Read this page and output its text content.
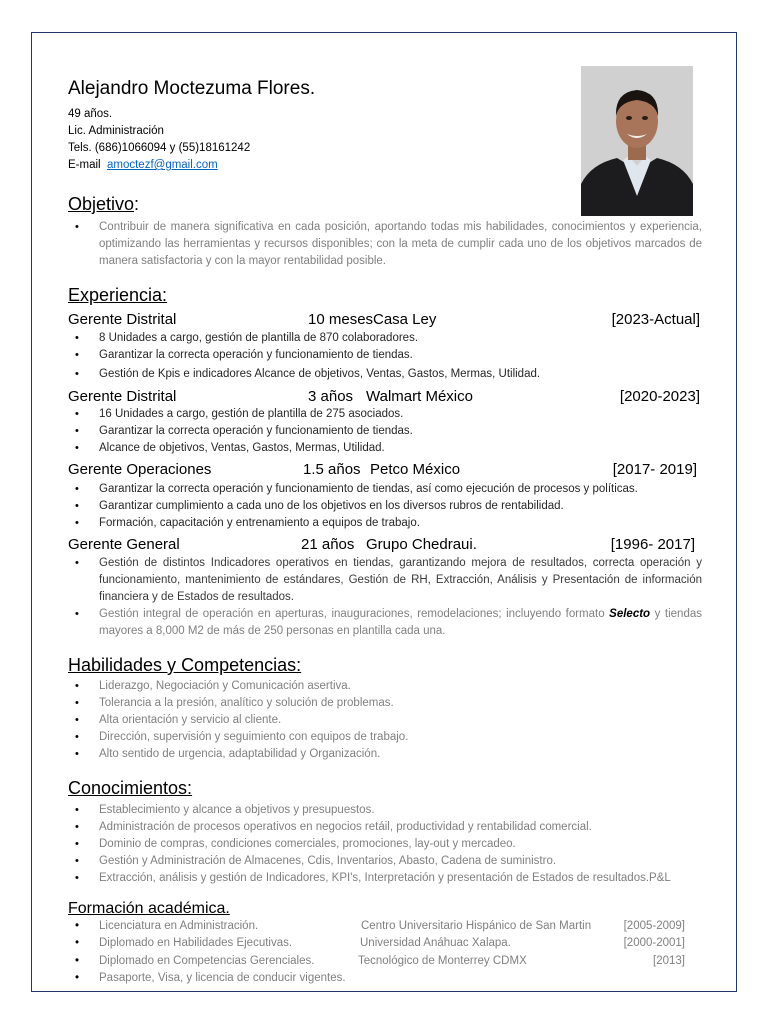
Alejandro Moctezuma Flores.
49 años.
Lic. Administración
Tels. (686)1066094 y (55)18161242
E-mail amoctezf@gmail.com
Objetivo:
• Contribuir de manera significativa en cada posición, aportando todas mis habilidades, conocimientos y experiencia, optimizando las herramientas y recursos disponibles; con la meta de cumplir cada uno de los objetivos marcados de manera satisfactoria y con la mayor rentabilidad posible.
Experiencia:
Gerente Distrital	10 meses Casa Ley	[2023-Actual]
• 8 Unidades a cargo, gestión de plantilla de 870 colaboradores.
• Garantizar la correcta operación y funcionamiento de tiendas.
• Gestión de Kpis e indicadores Alcance de objetivos, Ventas, Gastos, Mermas, Utilidad.
Gerente Distrital	3 años Walmart México	[2020-2023]
• 16 Unidades a cargo, gestión de plantilla de 275 asociados.
• Garantizar la correcta operación y funcionamiento de tiendas.
• Alcance de objetivos, Ventas, Gastos, Mermas, Utilidad.
Gerente Operaciones	1.5 años Petco México	[2017- 2019]
• Garantizar la correcta operación y funcionamiento de tiendas, así como ejecución de procesos y políticas.
• Garantizar cumplimiento a cada uno de los objetivos en los diversos rubros de rentabilidad.
• Formación, capacitación y entrenamiento a equipos de trabajo.
Gerente General	21 años Grupo Chedraui.	[1996- 2017]
• Gestión de distintos Indicadores operativos en tiendas, garantizando mejora de resultados, correcta operación y funcionamiento, mantenimiento de estándares, Gestión de RH, Extracción, Análisis y Presentación de información financiera y de Estados de resultados.
• Gestión integral de operación en aperturas, inauguraciones, remodelaciones; incluyendo formato Selecto y tiendas mayores a 8,000 M2 de más de 250 personas en plantilla cada una.
Habilidades y Competencias:
• Liderazgo, Negociación y Comunicación asertiva.
• Tolerancia a la presión, analítico y solución de problemas.
• Alta orientación y servicio al cliente.
• Dirección, supervisión y seguimiento con equipos de trabajo.
• Alto sentido de urgencia, adaptabilidad y Organización.
Conocimientos:
• Establecimiento y alcance a objetivos y presupuestos.
• Administración de procesos operativos en negocios retáil, productividad y rentabilidad comercial.
• Dominio de compras, condiciones comerciales, promociones, lay-out y mercadeo.
• Gestión y Administración de Almacenes, Cdis, Inventarios, Abasto, Cadena de suministro.
• Extracción, análisis y gestión de Indicadores, KPI's, Interpretación y presentación de Estados de resultados.P&L
Formación académica.
• Licenciatura en Administración.	Centro Universitario Hispánico de San Martin	[2005-2009]
• Diplomado en Habilidades Ejecutivas.	Universidad Anáhuac Xalapa.	[2000-2001]
• Diplomado en Competencias Gerenciales.	Tecnológico de Monterrey CDMX	[2013]
• Pasaporte, Visa, y licencia de conducir vigentes.
